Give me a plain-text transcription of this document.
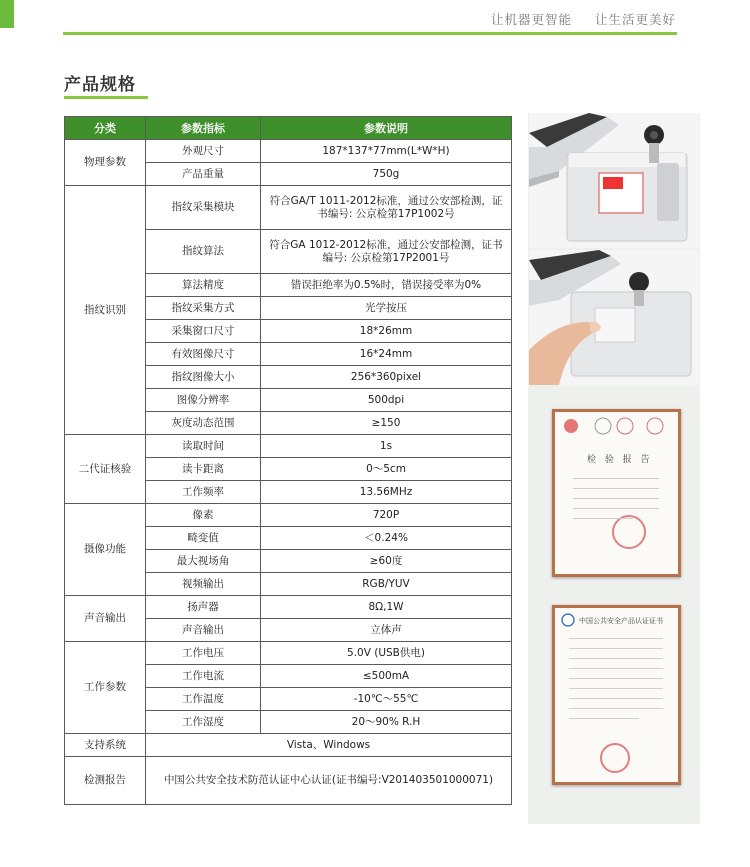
让机器更智能 让生活更美好
产品规格
分类	参数指标	参数说明
物理参数	外观尺寸	187*137*77mm(L*W*H)
	产品重量	750g
指纹识别	指纹采集模块	符合GA/T 1011-2012标准，通过公安部检测，证书编号: 公京检第17P1002号
	指纹算法	符合GA 1012-2012标准，通过公安部检测，证书编号: 公京检第17P2001号
	算法精度	错误拒绝率为0.5%时，错误接受率为0%
	指纹采集方式	光学按压
	采集窗口尺寸	18*26mm
	有效图像尺寸	16*24mm
	指纹图像大小	256*360pixel
	图像分辨率	500dpi
	灰度动态范围	≥150
二代证核验	读取时间	1s
	读卡距离	0～5cm
	工作频率	13.56MHz
摄像功能	像素	720P
	畸变值	＜0.24%
	最大视场角	≥60度
	视频输出	RGB/YUV
声音输出	扬声器	8Ω,1W
	声音输出	立体声
工作参数	工作电压	5.0V (USB供电)
	工作电流	≤500mA
	工作温度	-10℃～55℃
	工作湿度	20～90% R.H
支持系统	Vista、Windows	
检测报告	中国公共安全技术防范认证中心认证(证书编号:V201403501000071)	
检 验 报 告
中国公共安全产品认证证书
